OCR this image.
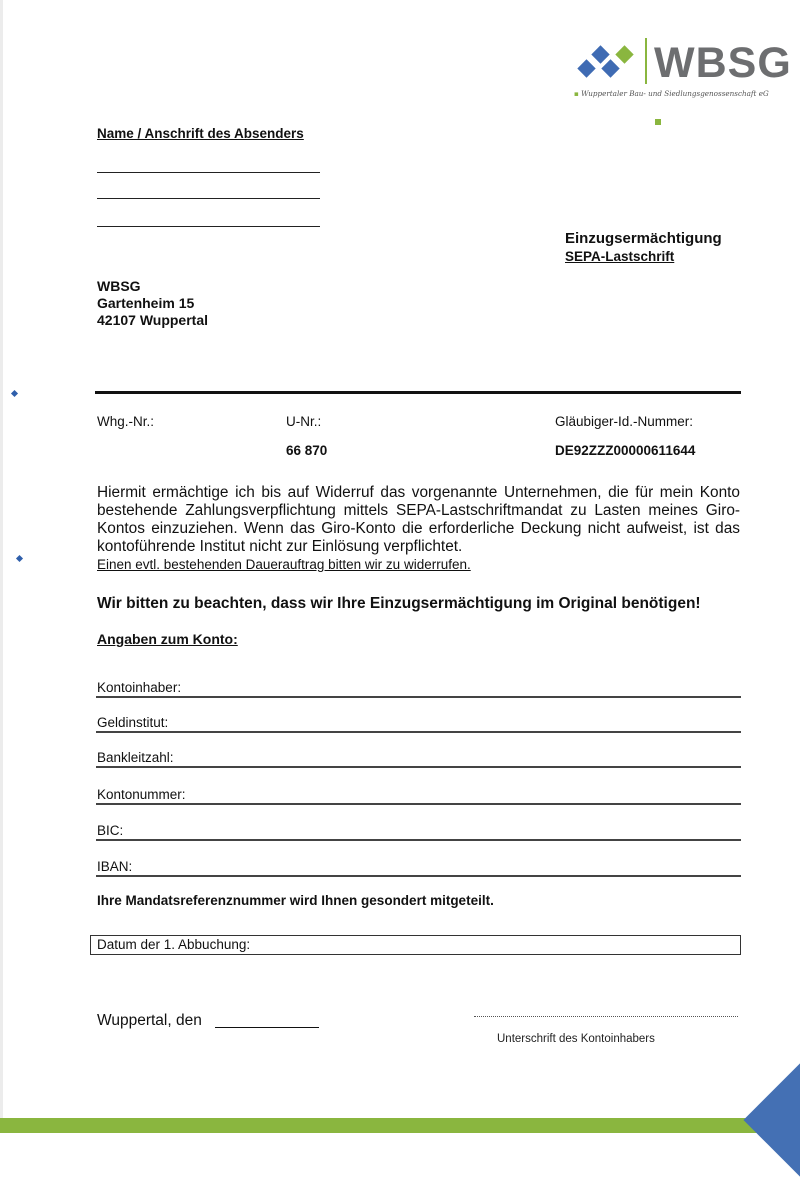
WBSG
▪ Wuppertaler Bau- und Siedlungsgenossenschaft eG
Name / Anschrift des Absenders
Einzugsermächtigung
SEPA-Lastschrift
WBSG
Gartenheim 15
42107 Wuppertal
Whg.-Nr.:	U-Nr.:
66 870
Gläubiger-Id.-Nummer:
DE92ZZZ00000611644
Hiermit ermächtige ich bis auf Widerruf das vorgenannte Unternehmen, die für mein Konto bestehende Zahlungsverpflichtung mittels SEPA-Lastschriftmandat zu Lasten meines Giro-Kontos einzuziehen. Wenn das Giro-Konto die erforderliche Deckung nicht aufweist, ist das kontoführende Institut nicht zur Einlösung verpflichtet.
Einen evtl. bestehenden Dauerauftrag bitten wir zu widerrufen.
Wir bitten zu beachten, dass wir Ihre Einzugsermächtigung im Original benötigen!
Angaben zum Konto:
Kontoinhaber:
Geldinstitut:
Bankleitzahl:
Kontonummer:
BIC:
IBAN:
Ihre Mandatsreferenznummer wird Ihnen gesondert mitgeteilt.
Datum der 1. Abbuchung:
Wuppertal, den
Unterschrift des Kontoinhabers
